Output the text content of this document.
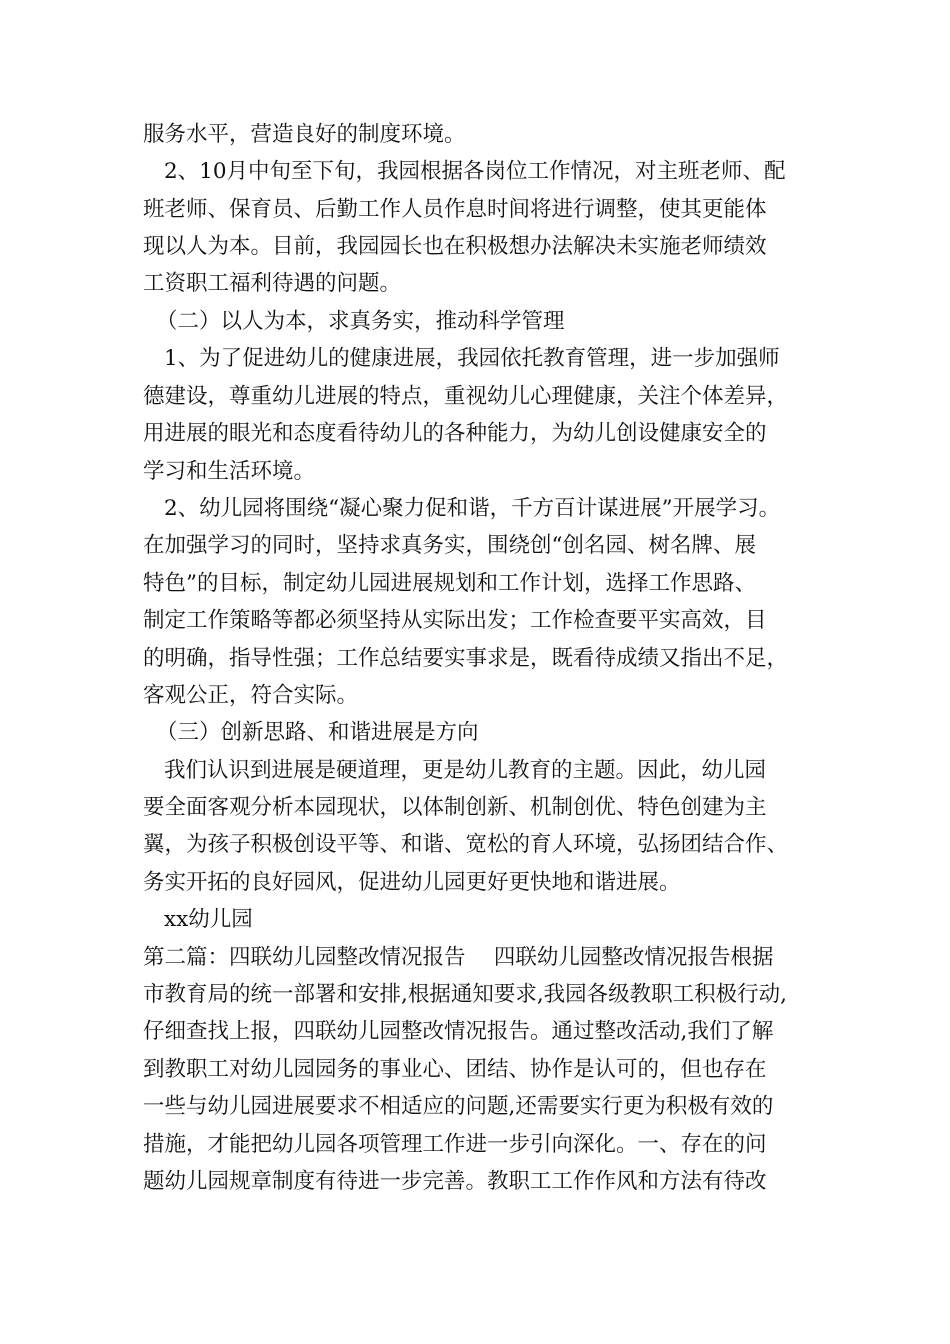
服务水平，营造良好的制度环境。
2、10月中旬至下旬，我园根据各岗位工作情况，对主班老师、配
班老师、保育员、后勤工作人员作息时间将进行调整，使其更能体
现以人为本。目前，我园园长也在积极想办法解决未实施老师绩效
工资职工福利待遇的问题。
（二）以人为本，求真务实，推动科学管理
1、为了促进幼儿的健康进展，我园依托教育管理，进一步加强师
德建设，尊重幼儿进展的特点，重视幼儿心理健康，关注个体差异，
用进展的眼光和态度看待幼儿的各种能力，为幼儿创设健康安全的
学习和生活环境。
2、幼儿园将围绕“凝心聚力促和谐，千方百计谋进展”开展学习。
在加强学习的同时，坚持求真务实，围绕创“创名园、树名牌、展
特色”的目标，制定幼儿园进展规划和工作计划，选择工作思路、
制定工作策略等都必须坚持从实际出发；工作检查要平实高效，目
的明确，指导性强；工作总结要实事求是，既看待成绩又指出不足，
客观公正，符合实际。
（三）创新思路、和谐进展是方向
我们认识到进展是硬道理，更是幼儿教育的主题。因此，幼儿园
要全面客观分析本园现状，以体制创新、机制创优、特色创建为主
翼，为孩子积极创设平等、和谐、宽松的育人环境，弘扬团结合作、
务实开拓的良好园风，促进幼儿园更好更快地和谐进展。
xx幼儿园
第二篇：四联幼儿园整改情况报告　 四联幼儿园整改情况报告根据
市教育局的统一部署和安排,根据通知要求,我园各级教职工积极行动,
仔细查找上报，四联幼儿园整改情况报告。通过整改活动,我们了解
到教职工对幼儿园园务的事业心、团结、协作是认可的，但也存在
一些与幼儿园进展要求不相适应的问题,还需要实行更为积极有效的
措施，才能把幼儿园各项管理工作进一步引向深化。一、存在的问
题幼儿园规章制度有待进一步完善。教职工工作作风和方法有待改
